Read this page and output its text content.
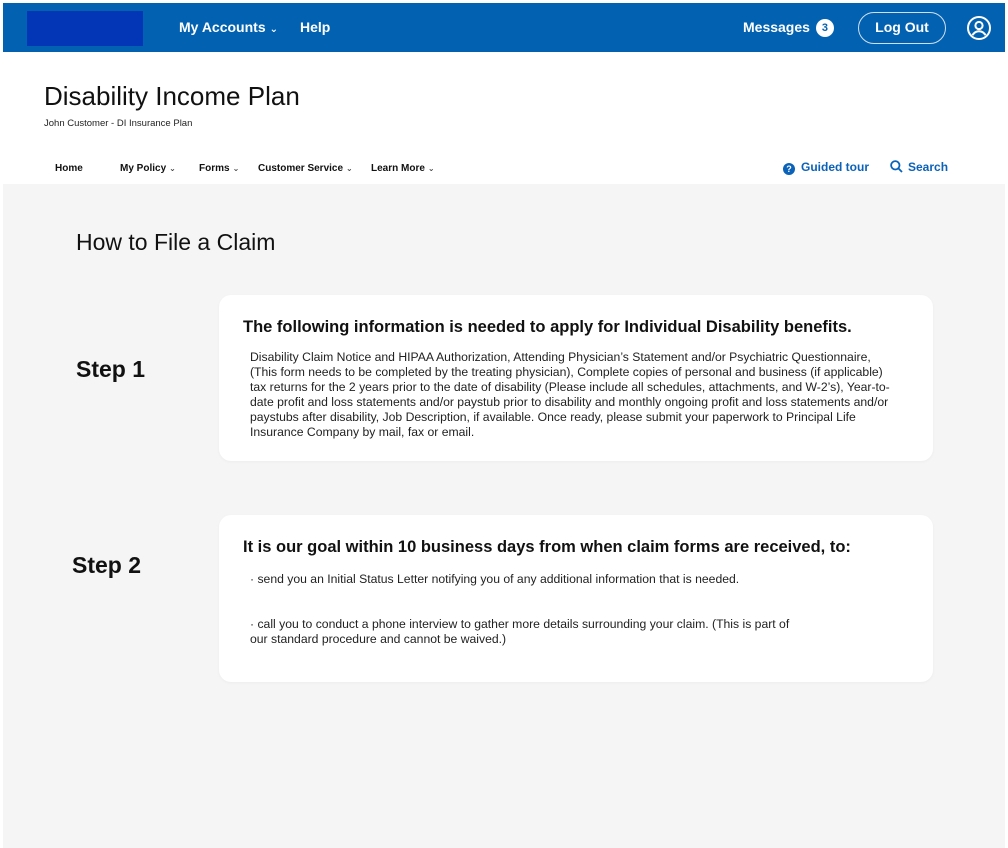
My Accounts ⌄ Help	Messages 3	Log Out
Disability Income Plan
John Customer - DI Insurance Plan
Home	My Policy ⌄ Forms ⌄ Customer Service ⌄ Learn More ⌄	? Guided tour	Search
How to File a Claim
Step 1
The following information is needed to apply for Individual Disability benefits.
Disability Claim Notice and HIPAA Authorization, Attending Physician’s Statement and/or Psychiatric Questionnaire, (This form needs to be completed by the treating physician), Complete copies of personal and business (if applicable) tax returns for the 2 years prior to the date of disability (Please include all schedules, attachments, and W-2’s), Year-to-date profit and loss statements and/or paystub prior to disability and monthly ongoing profit and loss statements and/or paystubs after disability, Job Description, if available. Once ready, please submit your paperwork to Principal Life Insurance Company by mail, fax or email.
Step 2
It is our goal within 10 business days from when claim forms are received, to:
· send you an Initial Status Letter notifying you of any additional information that is needed.
· call you to conduct a phone interview to gather more details surrounding your claim. (This is part of our standard procedure and cannot be waived.)
